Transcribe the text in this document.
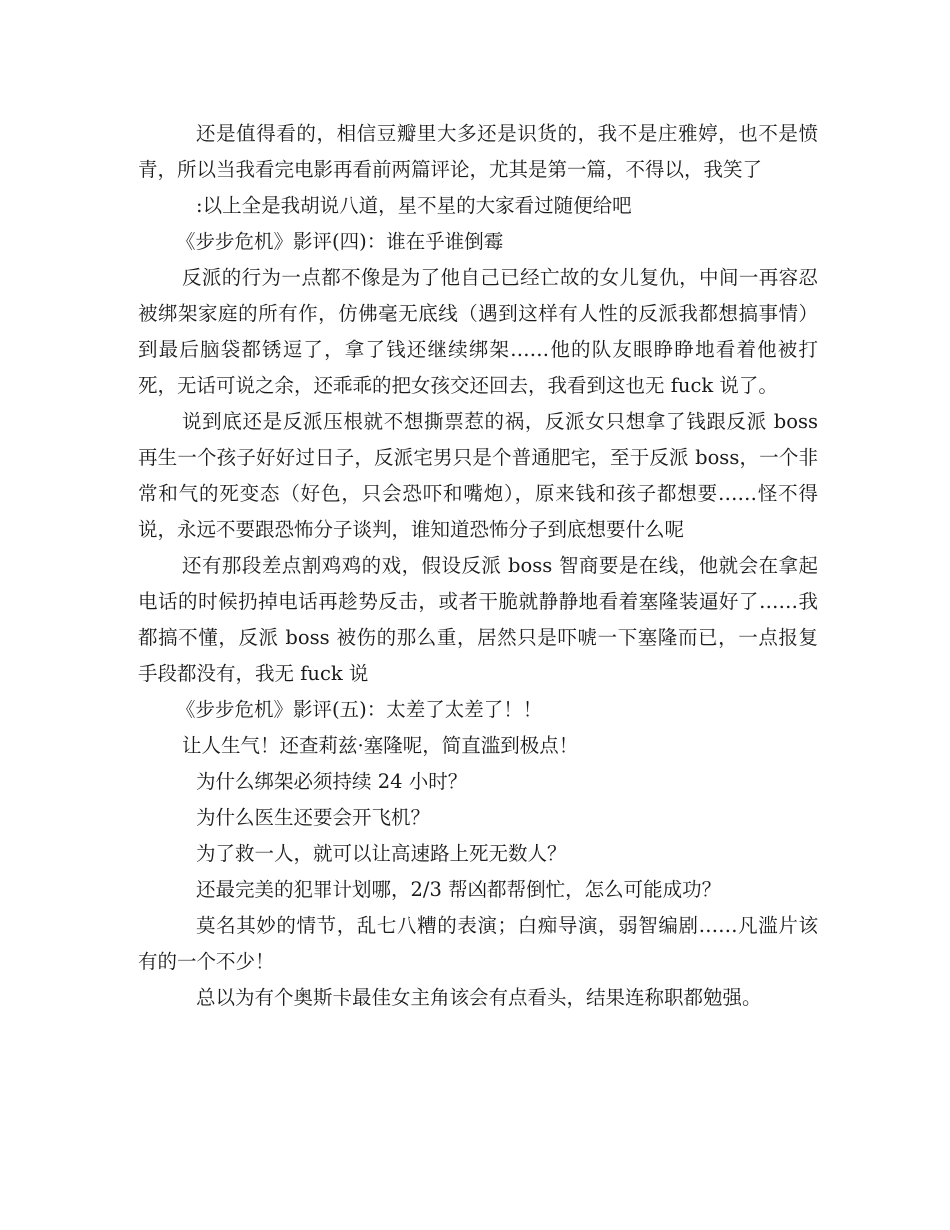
还是值得看的，相信豆瓣里大多还是识货的，我不是庄雅婷，也不是愤青，所以当我看完电影再看前两篇评论，尤其是第一篇，不得以，我笑了

:以上全是我胡说八道，星不星的大家看过随便给吧

《步步危机》影评(四)：谁在乎谁倒霉

反派的行为一点都不像是为了他自己已经亡故的女儿复仇，中间一再容忍被绑架家庭的所有作，仿佛毫无底线（遇到这样有人性的反派我都想搞事情）到最后脑袋都锈逗了，拿了钱还继续绑架……他的队友眼睁睁地看着他被打死，无话可说之余，还乖乖的把女孩交还回去，我看到这也无 fuck 说了。

说到底还是反派压根就不想撕票惹的祸，反派女只想拿了钱跟反派 boss 再生一个孩子好好过日子，反派宅男只是个普通肥宅，至于反派 boss，一个非常和气的死变态（好色，只会恐吓和嘴炮），原来钱和孩子都想要……怪不得说，永远不要跟恐怖分子谈判，谁知道恐怖分子到底想要什么呢

还有那段差点割鸡鸡的戏，假设反派 boss 智商要是在线，他就会在拿起电话的时候扔掉电话再趁势反击，或者干脆就静静地看着塞隆装逼好了……我都搞不懂，反派 boss 被伤的那么重，居然只是吓唬一下塞隆而已，一点报复手段都没有，我无 fuck 说

《步步危机》影评(五)：太差了太差了！！

让人生气！还查莉兹·塞隆呢，简直滥到极点！

为什么绑架必须持续 24 小时？

为什么医生还要会开飞机？

为了救一人，就可以让高速路上死无数人？

还最完美的犯罪计划哪，2/3 帮凶都帮倒忙，怎么可能成功？

莫名其妙的情节，乱七八糟的表演；白痴导演，弱智编剧……凡滥片该有的一个不少！

总以为有个奥斯卡最佳女主角该会有点看头，结果连称职都勉强。
